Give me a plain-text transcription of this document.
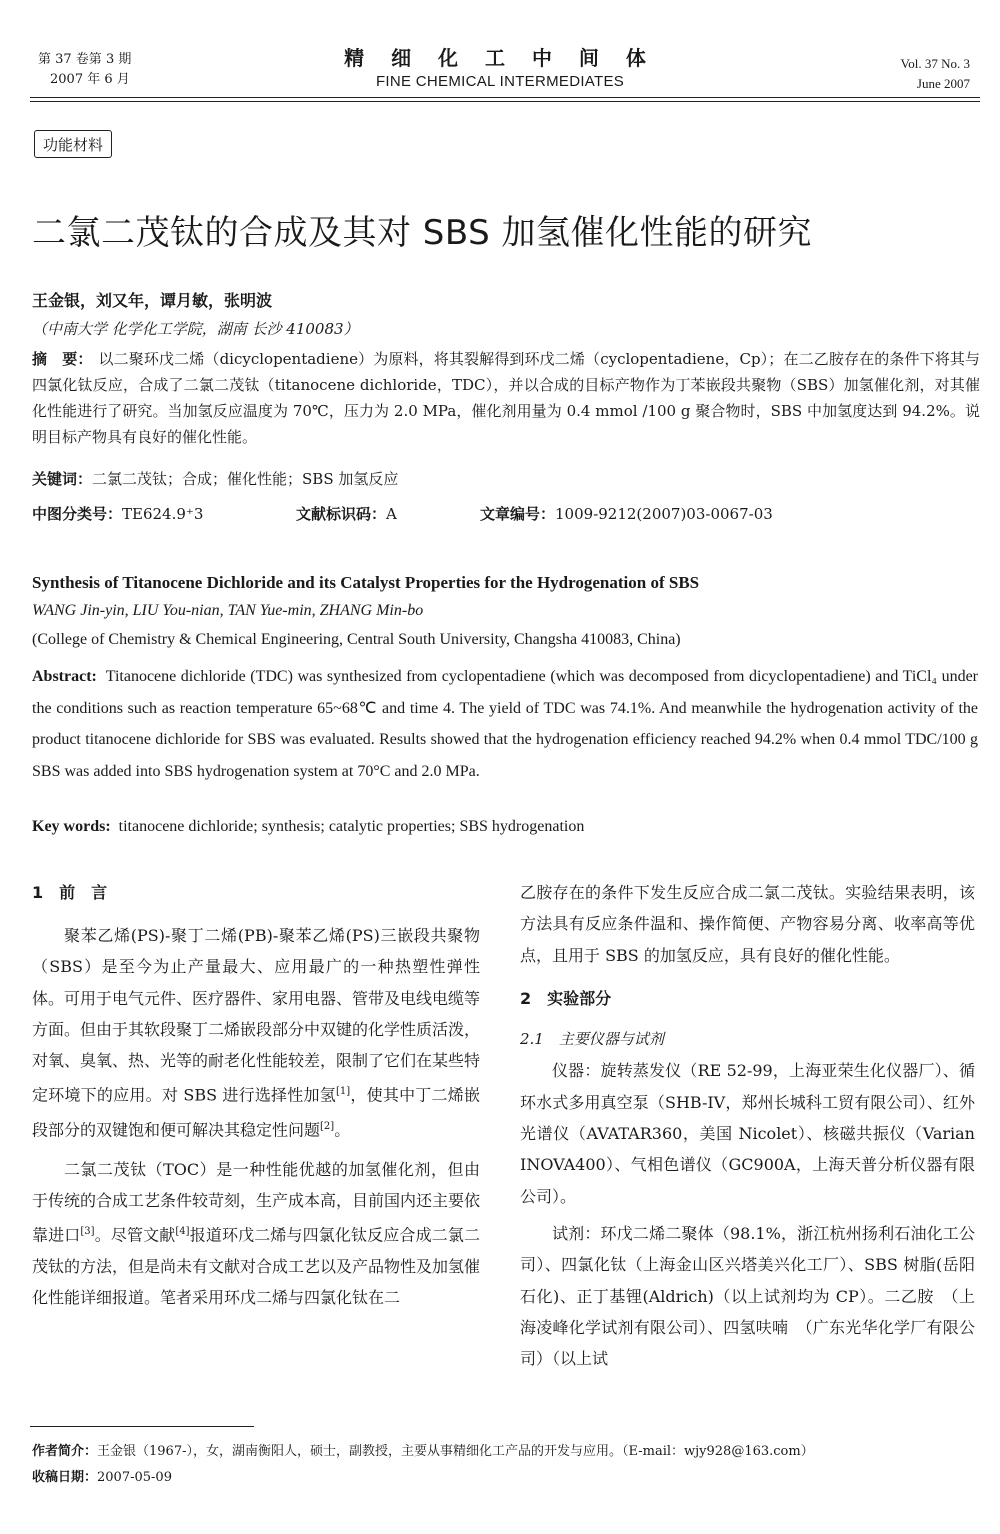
第 37 卷第 3 期
2007 年 6 月
精 细 化 工 中 间 体
FINE CHEMICAL INTERMEDIATES
Vol. 37 No. 3
June 2007
功能材料
二氯二茂钛的合成及其对 SBS 加氢催化性能的研究
王金银，刘又年，谭月敏，张明波
（中南大学 化学化工学院，湖南 长沙 410083）
摘　要： 以二聚环戊二烯（dicyclopentadiene）为原料，将其裂解得到环戊二烯（cyclopentadiene，Cp）；在二乙胺存在的条件下将其与四氯化钛反应，合成了二氯二茂钛（titanocene dichloride，TDC），并以合成的目标产物作为丁苯嵌段共聚物（SBS）加氢催化剂，对其催化性能进行了研究。当加氢反应温度为 70℃，压力为 2.0 MPa，催化剂用量为 0.4 mmol /100 g 聚合物时，SBS 中加氢度达到 94.2%。说明目标产物具有良好的催化性能。
关键词：二氯二茂钛；合成；催化性能；SBS 加氢反应
中图分类号：TE624.9⁺3	文献标识码：A	文章编号：1009-9212(2007)03-0067-03
Synthesis of Titanocene Dichloride and its Catalyst Properties for the Hydrogenation of SBS
WANG Jin-yin, LIU You-nian, TAN Yue-min, ZHANG Min-bo
(College of Chemistry & Chemical Engineering, Central South University, Changsha 410083, China)
Abstract: Titanocene dichloride (TDC) was synthesized from cyclopentadiene (which was decomposed from dicyclopentadiene) and TiCl₄ under the conditions such as reaction temperature 65~68℃ and time 4. The yield of TDC was 74.1%. And meanwhile the hydrogenation activity of the product titanocene dichloride for SBS was evaluated. Results showed that the hydrogenation efficiency reached 94.2% when 0.4 mmol TDC/100 g SBS was added into SBS hydrogenation system at 70°C and 2.0 MPa.
Key words: titanocene dichloride; synthesis; catalytic properties; SBS hydrogenation
1　前　言

聚苯乙烯(PS)-聚丁二烯(PB)-聚苯乙烯(PS)三嵌段共聚物（SBS）是至今为止产量最大、应用最广的一种热塑性弹性体。可用于电气元件、医疗器件、家用电器、管带及电线电缆等方面。但由于其软段聚丁二烯嵌段部分中双键的化学性质活泼，对氧、臭氧、热、光等的耐老化性能较差，限制了它们在某些特定环境下的应用。对 SBS 进行选择性加氢[1]，使其中丁二烯嵌段部分的双键饱和便可解决其稳定性问题[2]。

二氯二茂钛（TOC）是一种性能优越的加氢催化剂，但由于传统的合成工艺条件较苛刻，生产成本高，目前国内还主要依靠进口[3]。尽管文献[4]报道环戊二烯与四氯化钛反应合成二氯二茂钛的方法，但是尚未有文献对合成工艺以及产品物性及加氢催化性能详细报道。笔者采用环戊二烯与四氯化钛在二

乙胺存在的条件下发生反应合成二氯二茂钛。实验结果表明，该方法具有反应条件温和、操作简便、产物容易分离、收率高等优点，且用于 SBS 的加氢反应，具有良好的催化性能。

2　实验部分
2.1　主要仪器与试剂

仪器：旋转蒸发仪（RE 52-99，上海亚荣生化仪器厂）、循环水式多用真空泵（SHB-IV，郑州长城科工贸有限公司）、红外光谱仪（AVATAR360，美国 Nicolet）、核磁共振仪（Varian INOVA400）、气相色谱仪（GC900A，上海天普分析仪器有限公司）。

试剂：环戊二烯二聚体（98.1%，浙江杭州扬利石油化工公司）、四氯化钛（上海金山区兴塔美兴化工厂）、SBS 树脂(岳阳石化)、正丁基锂(Aldrich)（以上试剂均为 CP）。二乙胺　（上海凌峰化学试剂有限公司）、四氢呋喃　（广东光华化学厂有限公司）（以上试

作者简介：王金银（1967-），女，湖南衡阳人，硕士，副教授，主要从事精细化工产品的开发与应用。（E-mail：wjy928@163.com）
收稿日期：2007-05-09
